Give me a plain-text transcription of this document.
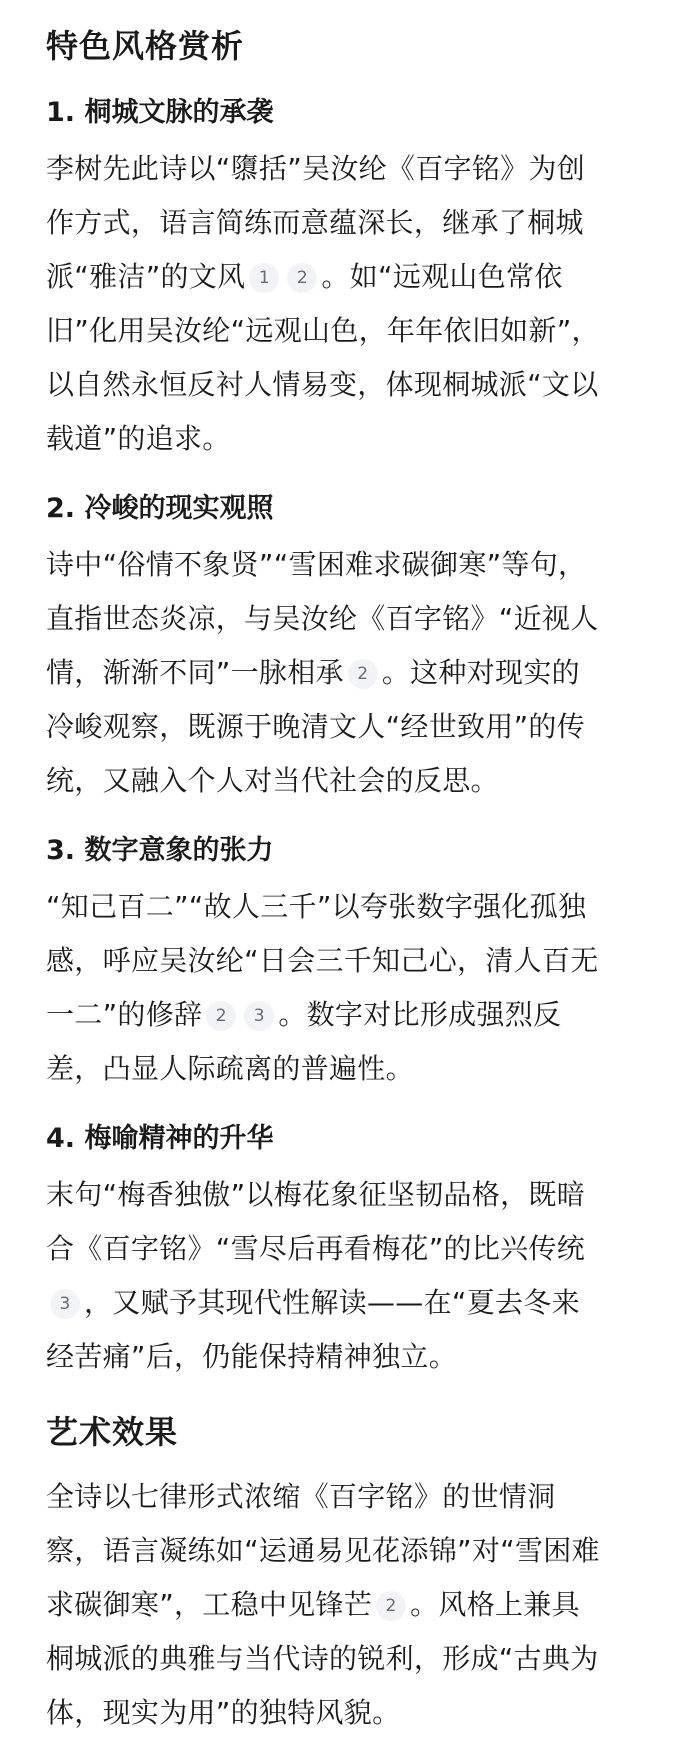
特色风格赏析
1. 桐城文脉的承袭

李树先此诗以“隳括”吴汝纶《百字铭》为创
作方式，语言简练而意蕴深长，继承了桐城
派“雅洁”的文风 1 2 。如“远观山色常依
旧”化用吴汝纶“远观山色，年年依旧如新”，
以自然永恒反衬人情易变，体现桐城派“文以
载道”的追求。

2. 冷峻的现实观照

诗中“俗情不象贤”“雪困难求碳御寒”等句，
直指世态炎凉，与吴汝纶《百字铭》“近视人
情，渐渐不同”一脉相承 2 。这种对现实的
冷峻观察，既源于晚清文人“经世致用”的传
统，又融入个人对当代社会的反思。

3. 数字意象的张力

“知己百二”“故人三千”以夸张数字强化孤独
感，呼应吴汝纶“日会三千知己心，清人百无
一二”的修辞 2 3 。数字对比形成强烈反
差，凸显人际疏离的普遍性。

4. 梅喻精神的升华

末句“梅香独傲”以梅花象征坚韧品格，既暗
合《百字铭》“雪尽后再看梅花”的比兴传统
3 ，又赋予其现代性解读——在“夏去冬来
经苦痛”后，仍能保持精神独立。

艺术效果

全诗以七律形式浓缩《百字铭》的世情洞
察，语言凝练如“运通易见花添锦”对“雪困难
求碳御寒”，工稳中见锋芒 2 。风格上兼具
桐城派的典雅与当代诗的锐利，形成“古典为
体，现实为用”的独特风貌。
